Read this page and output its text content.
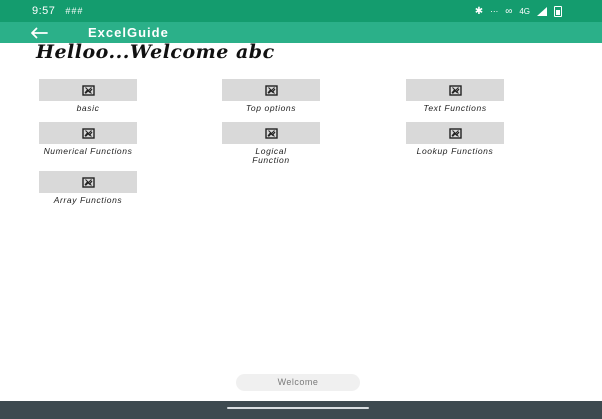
9:57 ###	✱ ⋯ ∞ 4G
ExcelGuide
Helloo...Welcome abc
basic	Top options	Text Functions
Numerical Functions	Logical Function
Lookup Functions
Array Functions
Welcome
